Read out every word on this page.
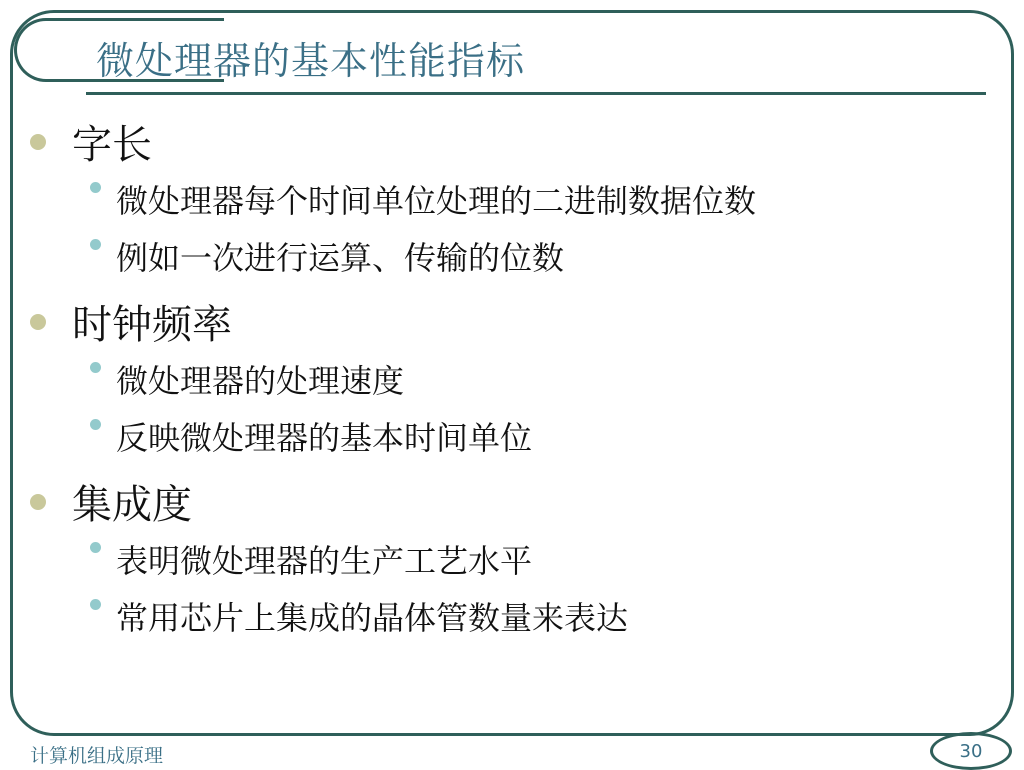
微处理器的基本性能指标
字长
微处理器每个时间单位处理的二进制数据位数
例如一次进行运算、传输的位数
时钟频率
微处理器的处理速度
反映微处理器的基本时间单位
集成度
表明微处理器的生产工艺水平
常用芯片上集成的晶体管数量来表达
计算机组成原理	30
